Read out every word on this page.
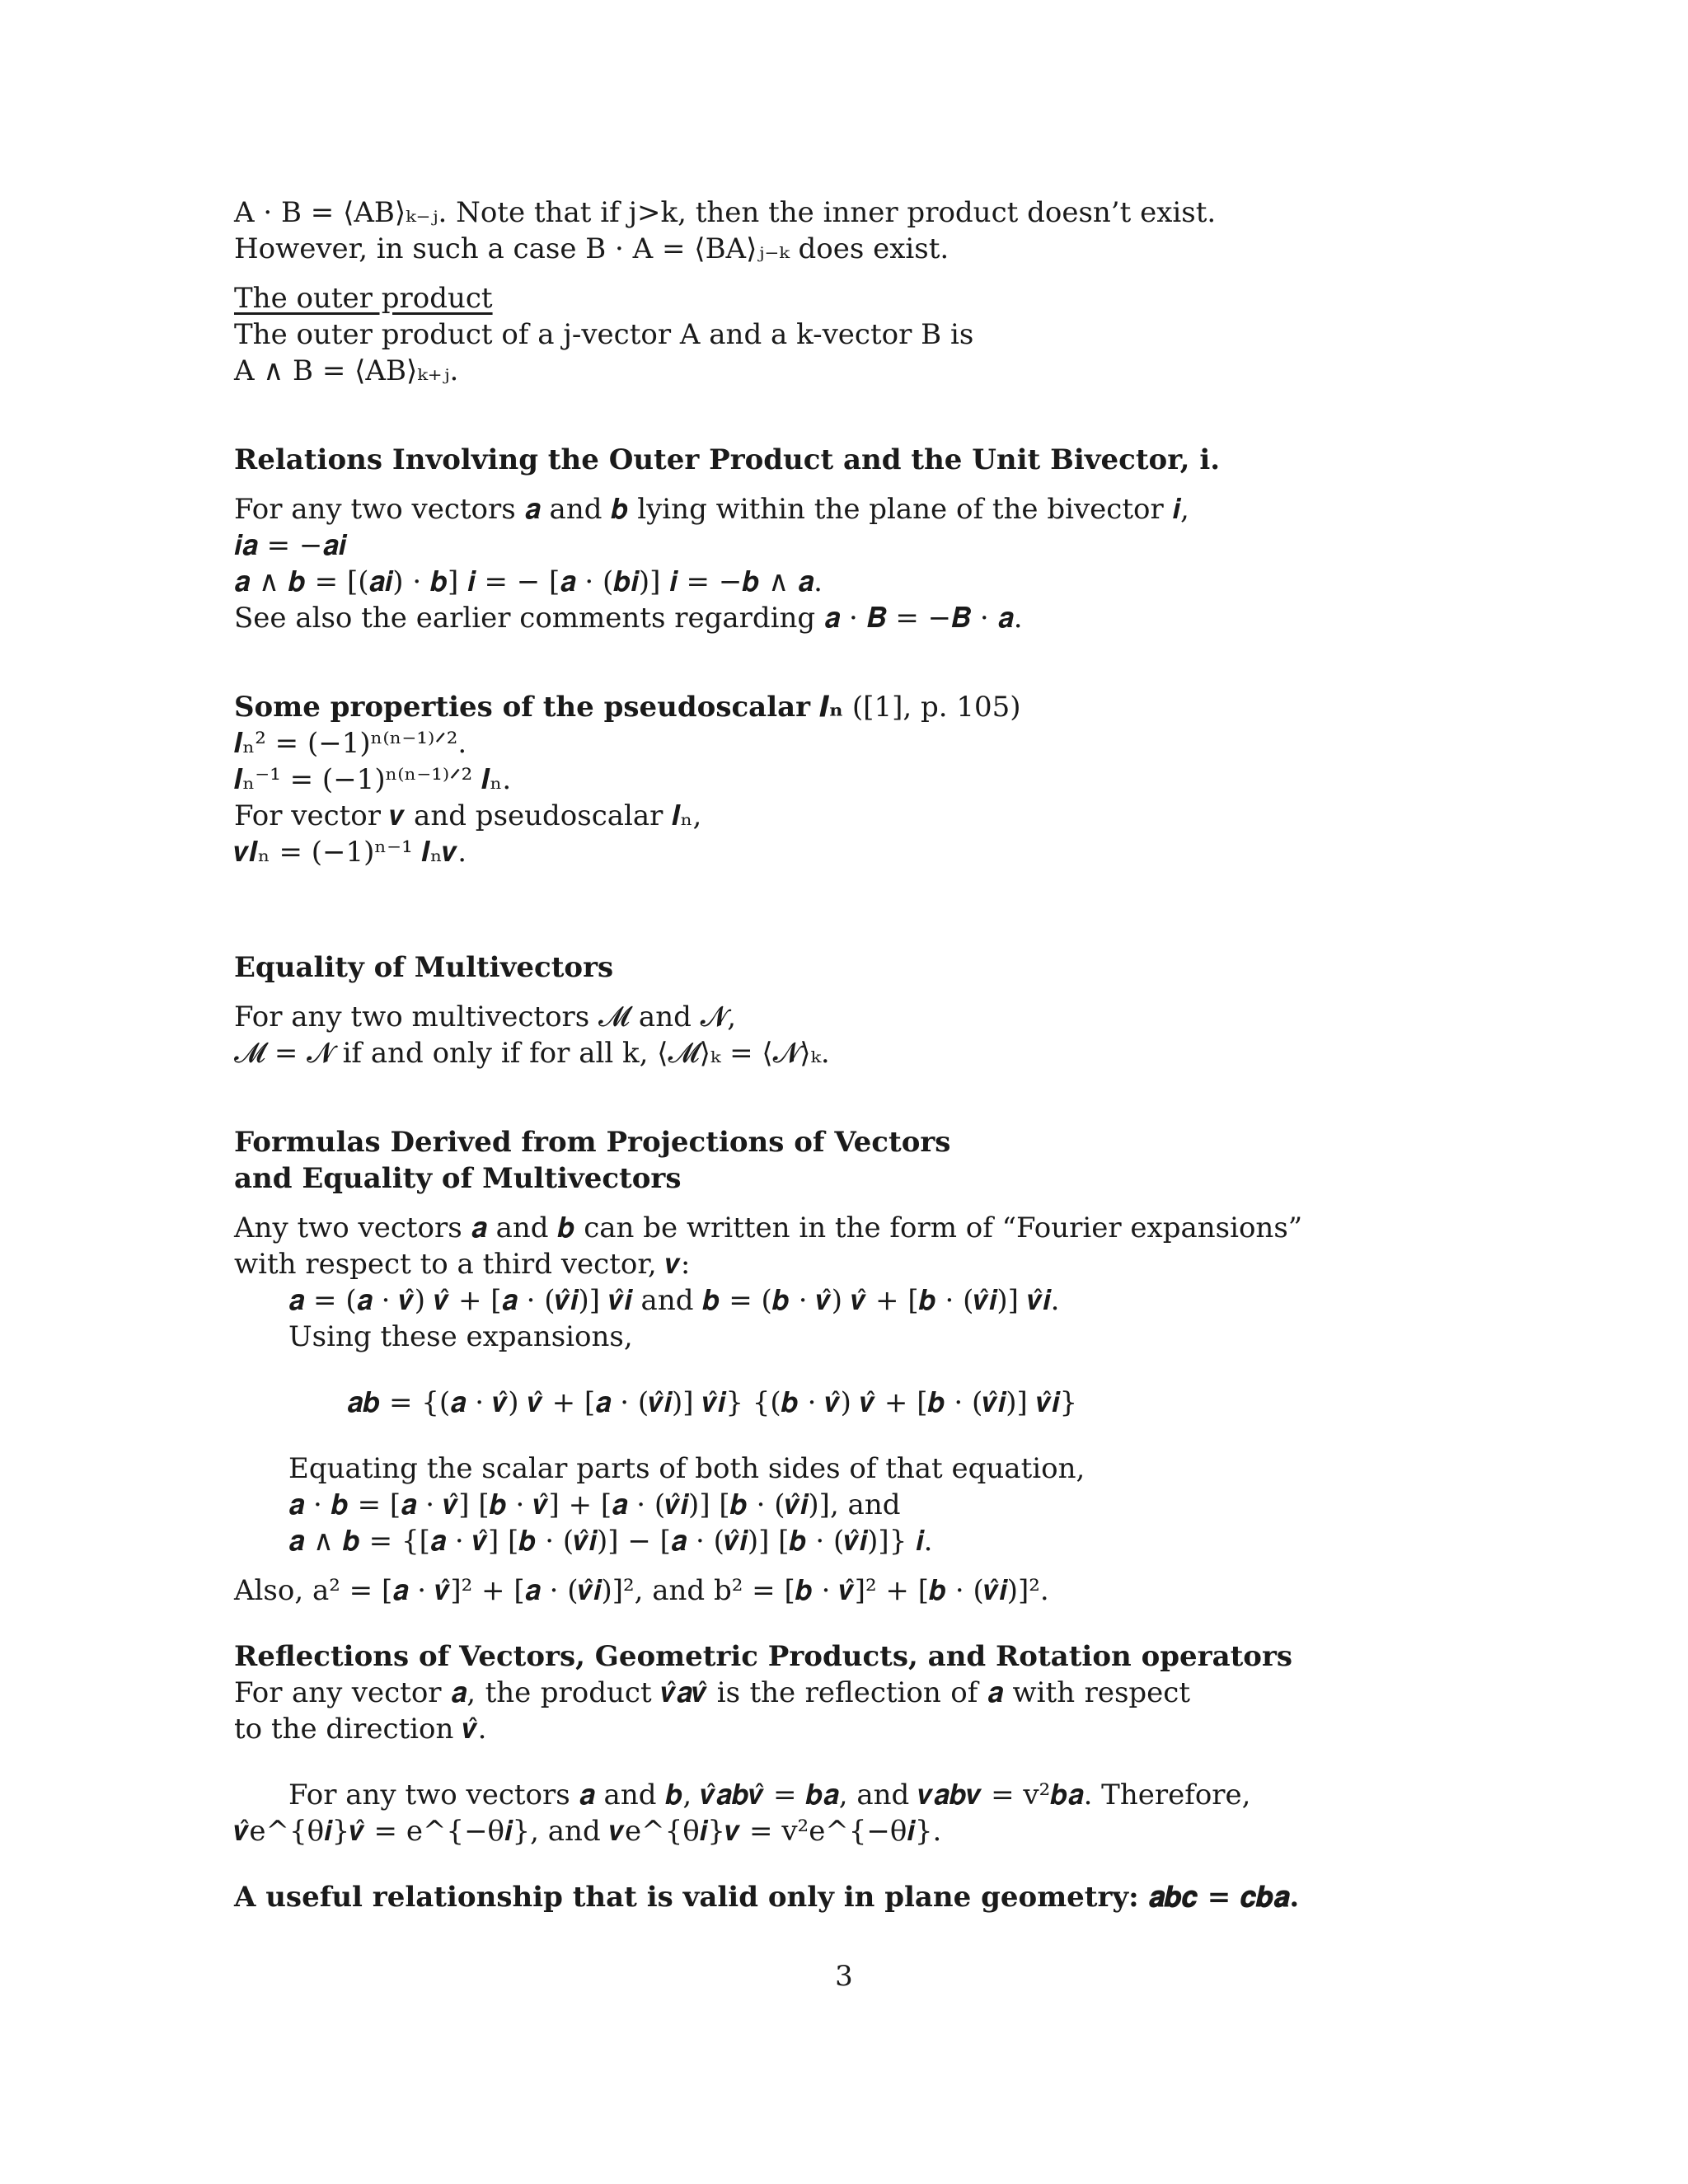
A · B = ⟨AB⟩ₖ₋ⱼ. Note that if j>k, then the inner product doesn’t exist.
However, in such a case B · A = ⟨BA⟩ⱼ₋ₖ does exist.
The outer product
The outer product of a j-vector A and a k-vector B is
A ∧ B = ⟨AB⟩ₖ₊ⱼ.
Relations Involving the Outer Product and the Unit Bivector, i.
For any two vectors 𝒂 and 𝒃 lying within the plane of the bivector 𝒊,
𝒊𝒂 = −𝒂𝒊
𝒂 ∧ 𝒃 = [(𝒂𝒊) · 𝒃] 𝒊 = − [𝒂 · (𝒃𝒊)] 𝒊 = −𝒃 ∧ 𝒂.
See also the earlier comments regarding 𝒂 · 𝑩 = −𝑩 · 𝒂.
Some properties of the pseudoscalar 𝑰ₙ ([1], p. 105)
𝑰ₙ² = (−1)ⁿ⁽ⁿ⁻¹⁾ᐟ².
𝑰ₙ⁻¹ = (−1)ⁿ⁽ⁿ⁻¹⁾ᐟ² 𝑰ₙ.
For vector 𝒗 and pseudoscalar 𝑰ₙ,
𝒗𝑰ₙ = (−1)ⁿ⁻¹ 𝑰ₙ𝒗.
Equality of Multivectors
For any two multivectors 𝓜 and 𝓝,
𝓜 = 𝓝 if and only if for all k, ⟨𝓜⟩ₖ = ⟨𝓝⟩ₖ.
Formulas Derived from Projections of Vectors
and Equality of Multivectors
Any two vectors 𝒂 and 𝒃 can be written in the form of “Fourier expansions”
with respect to a third vector, 𝒗:
𝒂 = (𝒂 · 𝒗̂) 𝒗̂ + [𝒂 · (𝒗̂𝒊)] 𝒗̂𝒊 and 𝒃 = (𝒃 · 𝒗̂) 𝒗̂ + [𝒃 · (𝒗̂𝒊)] 𝒗̂𝒊.
Using these expansions,
𝒂𝒃 = {(𝒂 · 𝒗̂) 𝒗̂ + [𝒂 · (𝒗̂𝒊)] 𝒗̂𝒊} {(𝒃 · 𝒗̂) 𝒗̂ + [𝒃 · (𝒗̂𝒊)] 𝒗̂𝒊}
Equating the scalar parts of both sides of that equation,
𝒂 · 𝒃 = [𝒂 · 𝒗̂] [𝒃 · 𝒗̂] + [𝒂 · (𝒗̂𝒊)] [𝒃 · (𝒗̂𝒊)], and
𝒂 ∧ 𝒃 = {[𝒂 · 𝒗̂] [𝒃 · (𝒗̂𝒊)] − [𝒂 · (𝒗̂𝒊)] [𝒃 · (𝒗̂𝒊)]} 𝒊.
Also, a² = [𝒂 · 𝒗̂]² + [𝒂 · (𝒗̂𝒊)]², and b² = [𝒃 · 𝒗̂]² + [𝒃 · (𝒗̂𝒊)]².
Reflections of Vectors, Geometric Products, and Rotation operators
For any vector 𝒂, the product 𝒗̂𝒂𝒗̂ is the reflection of 𝒂 with respect to the direction 𝒗̂.
For any two vectors 𝒂 and 𝒃, 𝒗̂𝒂𝒃𝒗̂ = 𝒃𝒂, and 𝒗𝒂𝒃𝒗 = v²𝒃𝒂. Therefore,
𝒗̂e^{θ𝒊}𝒗̂ = e^{−θ𝒊}, and 𝒗e^{θ𝒊}𝒗 = v²e^{−θ𝒊}.
A useful relationship that is valid only in plane geometry: 𝒂𝒃𝒄 = 𝒄𝒃𝒂.
3
